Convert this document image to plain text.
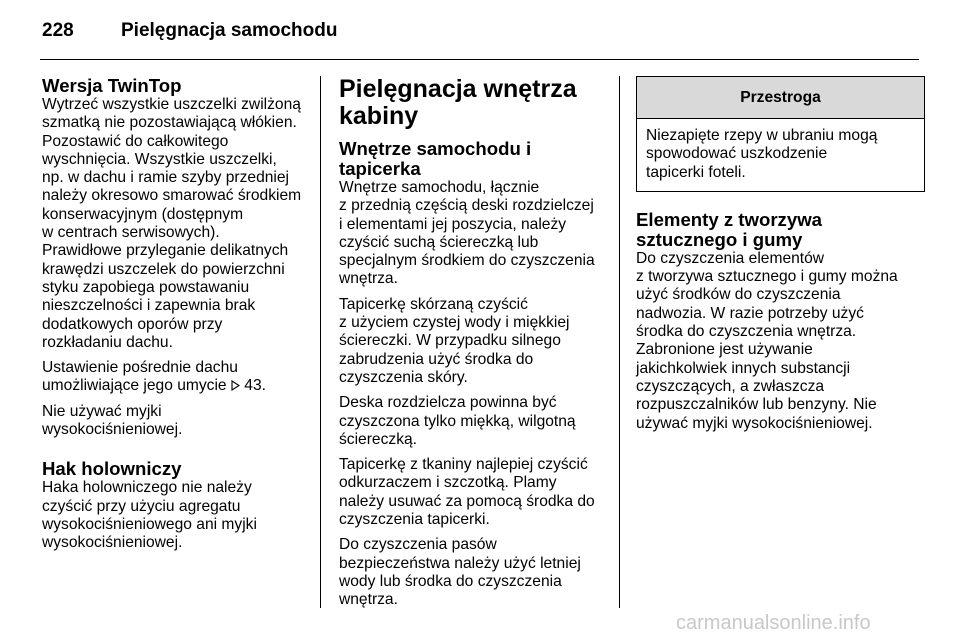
228 Pielęgnacja samochodu
Wersja TwinTop

Wytrzeć wszystkie uszczelki zwilżoną
szmatką nie pozostawiającą włókien.
Pozostawić do całkowitego
wyschnięcia. Wszystkie uszczelki,
np. w dachu i ramie szyby przedniej
należy okresowo smarować środkiem
konserwacyjnym (dostępnym
w centrach serwisowych).
Prawidłowe przyleganie delikatnych
krawędzi uszczelek do powierzchni
styku zapobiega powstawaniu
nieszczelności i zapewnia brak
dodatkowych oporów przy
rozkładaniu dachu.

Ustawienie pośrednie dachu
umożliwiające jego umycie 43.

Nie używać myjki
wysokociśnieniowej.

Hak holowniczy

Haka holowniczego nie należy
czyścić przy użyciu agregatu
wysokociśnieniowego ani myjki
wysokociśnieniowej.

Pielęgnacja wnętrza kabiny
Wnętrze samochodu i tapicerka

Wnętrze samochodu, łącznie
z przednią częścią deski rozdzielczej
i elementami jej poszycia, należy
czyścić suchą ściereczką lub
specjalnym środkiem do czyszczenia
wnętrza.

Tapicerkę skórzaną czyścić
z użyciem czystej wody i miękkiej
ściereczki. W przypadku silnego
zabrudzenia użyć środka do
czyszczenia skóry.

Deska rozdzielcza powinna być
czyszczona tylko miękką, wilgotną
ściereczką.

Tapicerkę z tkaniny najlepiej czyścić
odkurzaczem i szczotką. Plamy
należy usuwać za pomocą środka do
czyszczenia tapicerki.

Do czyszczenia pasów
bezpieczeństwa należy użyć letniej
wody lub środka do czyszczenia
wnętrza.

Przestroga
Niezapięte rzepy w ubraniu mogą
spowodować uszkodzenie
tapicerki foteli.
Elementy z tworzywa sztucznego i gumy

Do czyszczenia elementów
z tworzywa sztucznego i gumy można
użyć środków do czyszczenia
nadwozia. W razie potrzeby użyć
środka do czyszczenia wnętrza.
Zabronione jest używanie
jakichkolwiek innych substancji
czyszczących, a zwłaszcza
rozpuszczalników lub benzyny. Nie
używać myjki wysokociśnieniowej.

carmanualsonline.info
